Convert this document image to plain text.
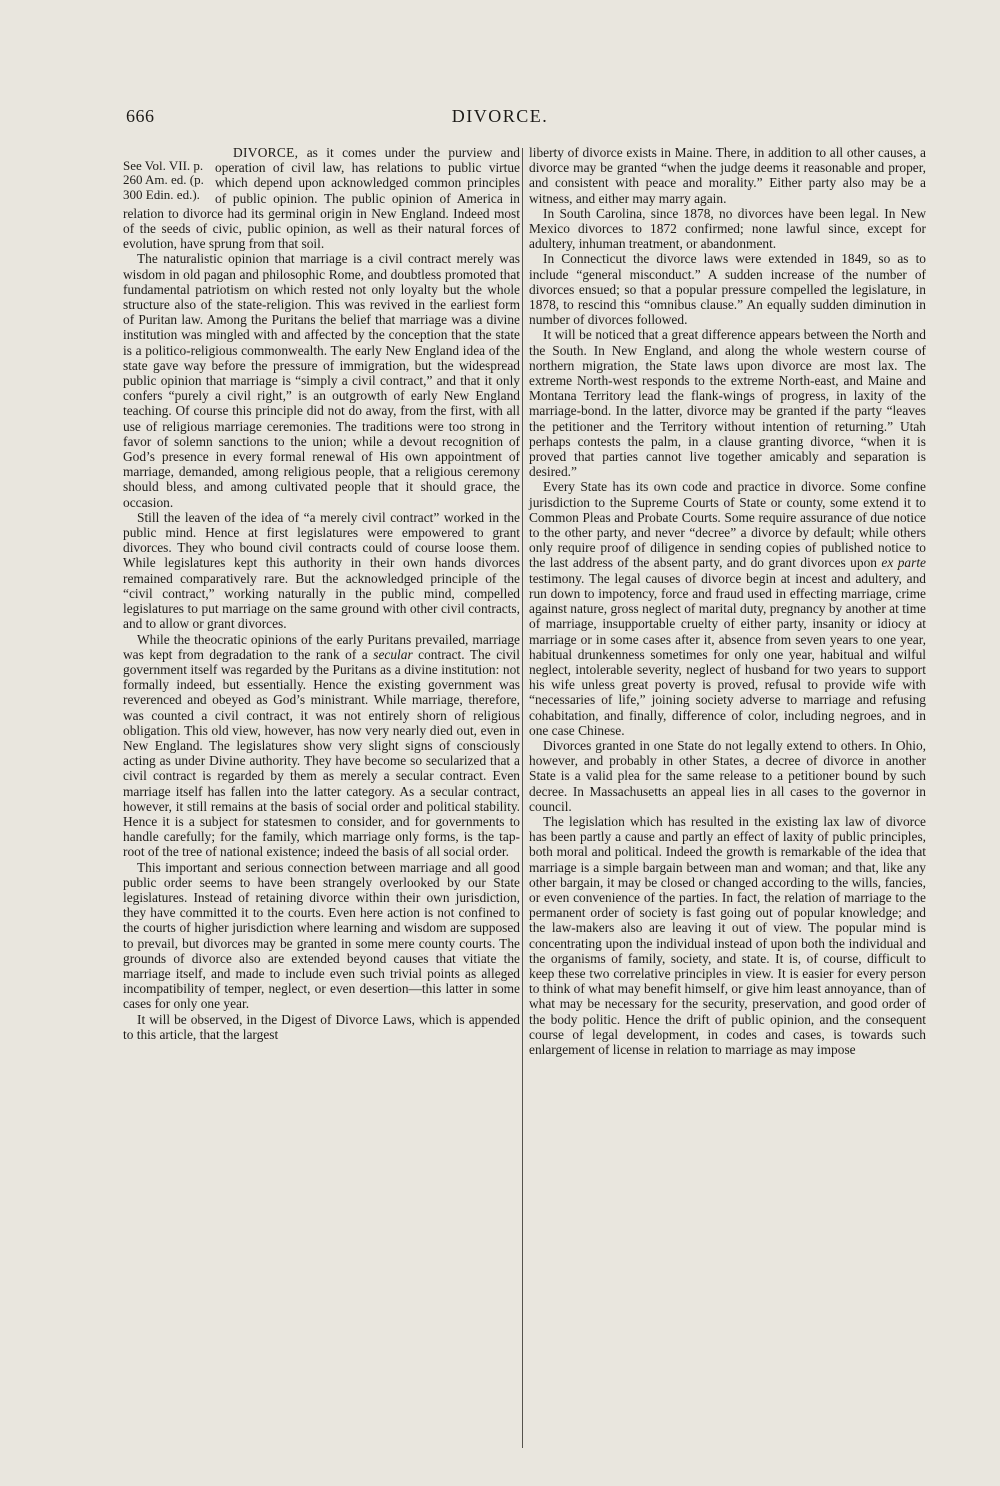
666	DIVORCE.

See Vol. VII. p. 260 Am. ed. (p. 300 Edin. ed.).
DIVORCE, as it comes under the purview and operation of civil law, has relations to public virtue which depend upon acknowledged common principles of public opinion. The public opinion of America in relation to divorce had its germinal origin in New England. Indeed most of the seeds of civic, public opinion, as well as their natural forces of evolution, have sprung from that soil.

The naturalistic opinion that marriage is a civil contract merely was wisdom in old pagan and philosophic Rome, and doubtless promoted that fundamental patriotism on which rested not only loyalty but the whole structure also of the state-religion. This was revived in the earliest form of Puritan law. Among the Puritans the belief that marriage was a divine institution was mingled with and affected by the conception that the state is a politico-religious commonwealth. The early New England idea of the state gave way before the pressure of immigration, but the widespread public opinion that marriage is “simply a civil contract,” and that it only confers “purely a civil right,” is an outgrowth of early New England teaching. Of course this principle did not do away, from the first, with all use of religious marriage ceremonies. The traditions were too strong in favor of solemn sanctions to the union; while a devout recognition of God’s presence in every formal renewal of His own appointment of marriage, demanded, among religious people, that a religious ceremony should bless, and among cultivated people that it should grace, the occasion.

Still the leaven of the idea of “a merely civil contract” worked in the public mind. Hence at first legislatures were empowered to grant divorces. They who bound civil contracts could of course loose them. While legislatures kept this authority in their own hands divorces remained comparatively rare. But the acknowledged principle of the “civil contract,” working naturally in the public mind, compelled legislatures to put marriage on the same ground with other civil contracts, and to allow or grant divorces.

While the theocratic opinions of the early Puritans prevailed, marriage was kept from degradation to the rank of a secular contract. The civil government itself was regarded by the Puritans as a divine institution: not formally indeed, but essentially. Hence the existing government was reverenced and obeyed as God’s ministrant. While marriage, therefore, was counted a civil contract, it was not entirely shorn of religious obligation. This old view, however, has now very nearly died out, even in New England. The legislatures show very slight signs of consciously acting as under Divine authority. They have become so secularized that a civil contract is regarded by them as merely a secular contract. Even marriage itself has fallen into the latter category. As a secular contract, however, it still remains at the basis of social order and political stability. Hence it is a subject for statesmen to consider, and for governments to handle carefully; for the family, which marriage only forms, is the tap-root of the tree of national existence; indeed the basis of all social order.

This important and serious connection between marriage and all good public order seems to have been strangely overlooked by our State legislatures. Instead of retaining divorce within their own jurisdiction, they have committed it to the courts. Even here action is not confined to the courts of higher jurisdiction where learning and wisdom are supposed to prevail, but divorces may be granted in some mere county courts. The grounds of divorce also are extended beyond causes that vitiate the marriage itself, and made to include even such trivial points as alleged incompatibility of temper, neglect, or even desertion—this latter in some cases for only one year.

It will be observed, in the Digest of Divorce Laws, which is appended to this article, that the largest

liberty of divorce exists in Maine. There, in addition to all other causes, a divorce may be granted “when the judge deems it reasonable and proper, and consistent with peace and morality.” Either party also may be a witness, and either may marry again.

In South Carolina, since 1878, no divorces have been legal. In New Mexico divorces to 1872 confirmed; none lawful since, except for adultery, inhuman treatment, or abandonment.

In Connecticut the divorce laws were extended in 1849, so as to include “general misconduct.” A sudden increase of the number of divorces ensued; so that a popular pressure compelled the legislature, in 1878, to rescind this “omnibus clause.” An equally sudden diminution in number of divorces followed.

It will be noticed that a great difference appears between the North and the South. In New England, and along the whole western course of northern migration, the State laws upon divorce are most lax. The extreme North-west responds to the extreme North-east, and Maine and Montana Territory lead the flank-wings of progress, in laxity of the marriage-bond. In the latter, divorce may be granted if the party “leaves the petitioner and the Territory without intention of returning.” Utah perhaps contests the palm, in a clause granting divorce, “when it is proved that parties cannot live together amicably and separation is desired.”

Every State has its own code and practice in divorce. Some confine jurisdiction to the Supreme Courts of State or county, some extend it to Common Pleas and Probate Courts. Some require assurance of due notice to the other party, and never “decree” a divorce by default; while others only require proof of diligence in sending copies of published notice to the last address of the absent party, and do grant divorces upon ex parte testimony. The legal causes of divorce begin at incest and adultery, and run down to impotency, force and fraud used in effecting marriage, crime against nature, gross neglect of marital duty, pregnancy by another at time of marriage, insupportable cruelty of either party, insanity or idiocy at marriage or in some cases after it, absence from seven years to one year, habitual drunkenness sometimes for only one year, habitual and wilful neglect, intolerable severity, neglect of husband for two years to support his wife unless great poverty is proved, refusal to provide wife with “necessaries of life,” joining society adverse to marriage and refusing cohabitation, and finally, difference of color, including negroes, and in one case Chinese.

Divorces granted in one State do not legally extend to others. In Ohio, however, and probably in other States, a decree of divorce in another State is a valid plea for the same release to a petitioner bound by such decree. In Massachusetts an appeal lies in all cases to the governor in council.

The legislation which has resulted in the existing lax law of divorce has been partly a cause and partly an effect of laxity of public principles, both moral and political. Indeed the growth is remarkable of the idea that marriage is a simple bargain between man and woman; and that, like any other bargain, it may be closed or changed according to the wills, fancies, or even convenience of the parties. In fact, the relation of marriage to the permanent order of society is fast going out of popular knowledge; and the law-makers also are leaving it out of view. The popular mind is concentrating upon the individual instead of upon both the individual and the organisms of family, society, and state. It is, of course, difficult to keep these two correlative principles in view. It is easier for every person to think of what may benefit himself, or give him least annoyance, than of what may be necessary for the security, preservation, and good order of the body politic. Hence the drift of public opinion, and the consequent course of legal development, in codes and cases, is towards such enlargement of license in relation to marriage as may impose
